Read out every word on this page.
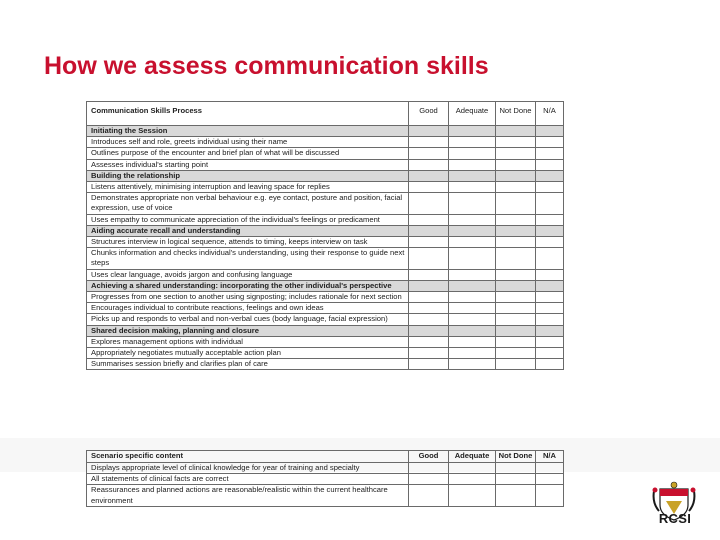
How we assess communication skills
Communication Skills Process	Good	Adequate	Not Done	N/A
Initiating the Session				
Introduces self and role, greets individual using their name				
Outlines purpose of the encounter and brief plan of what will be discussed				
Assesses individual's starting point				
Building the relationship				
Listens attentively, minimising interruption and leaving space for replies				
Demonstrates appropriate non verbal behaviour e.g. eye contact, posture and position, facial expression, use of voice				
Uses empathy to communicate appreciation of the individual's feelings or predicament				
Aiding accurate recall and understanding				
Structures interview in logical sequence, attends to timing, keeps interview on task				
Chunks information and checks individual's understanding, using their response to guide next steps				
Uses clear language, avoids jargon and confusing language				
Achieving a shared understanding: incorporating the other individual's perspective				
Progresses from one section to another using signposting; includes rationale for next section				
Encourages individual to contribute reactions, feelings and own ideas				
Picks up and responds to verbal and non-verbal cues (body language, facial expression)				
Shared decision making, planning and closure				
Explores management options with individual				
Appropriately negotiates mutually acceptable action plan				
Summarises session briefly and clarifies plan of care				
Scenario specific content	Good	Adequate	Not Done	N/A
Displays appropriate level of clinical knowledge for year of training and specialty				
All statements of clinical facts are correct				
Reassurances and planned actions are reasonable/realistic within the current healthcare environment				
RCSI
